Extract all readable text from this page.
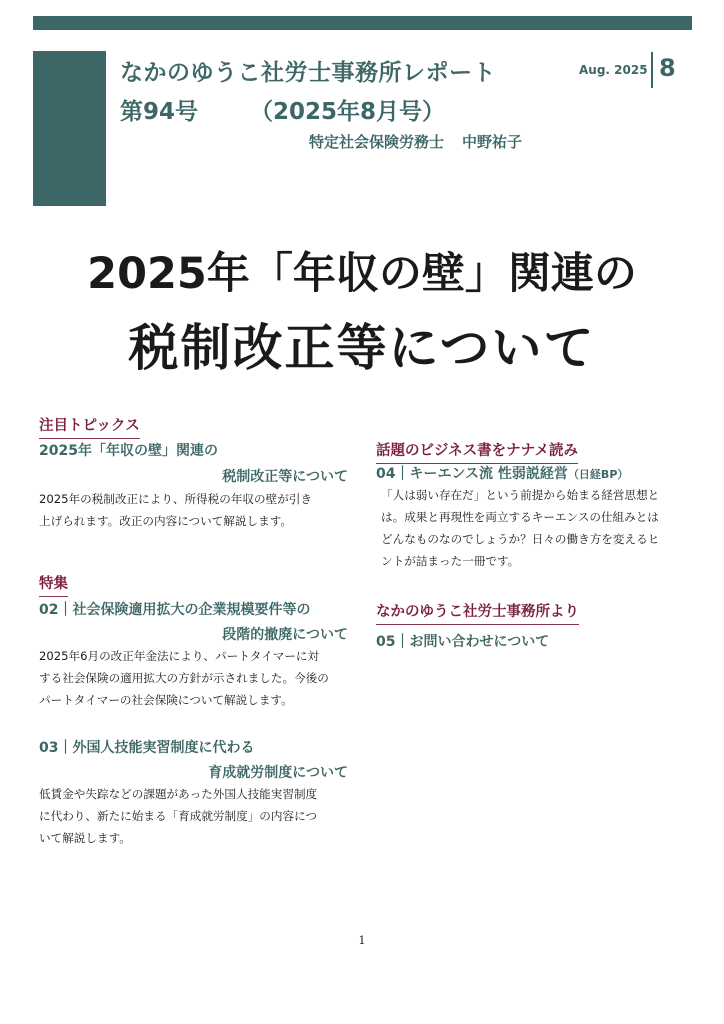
なかのゆうこ社労士事務所レポート
第94号 （2025年8月号）
特定社会保険労務士 中野祐子
Aug. 2025 8
2025年「年収の壁」関連の
税制改正等について
注目トピックス
2025年「年収の壁」関連の
税制改正等について
2025年の税制改正により、所得税の年収の壁が引き
上げられます。改正の内容について解説します。
特集
02｜社会保険適用拡大の企業規模要件等の
段階的撤廃について
2025年6月の改正年金法により、パートタイマーに対
する社会保険の適用拡大の方針が示されました。今後の
パートタイマーの社会保険について解説します。
03｜外国人技能実習制度に代わる
育成就労制度について
低賃金や失踪などの課題があった外国人技能実習制度
に代わり、新たに始まる「育成就労制度」の内容につ
いて解説します。
話題のビジネス書をナナメ読み
04｜キーエンス流 性弱説経営（日経BP）
「人は弱い存在だ」という前提から始まる経営思想と
は。成果と再現性を両立するキーエンスの仕組みとは
どんなものなのでしょうか？日々の働き方を変えるヒ
ントが詰まった一冊です。
なかのゆうこ社労士事務所より
05｜お問い合わせについて
1
